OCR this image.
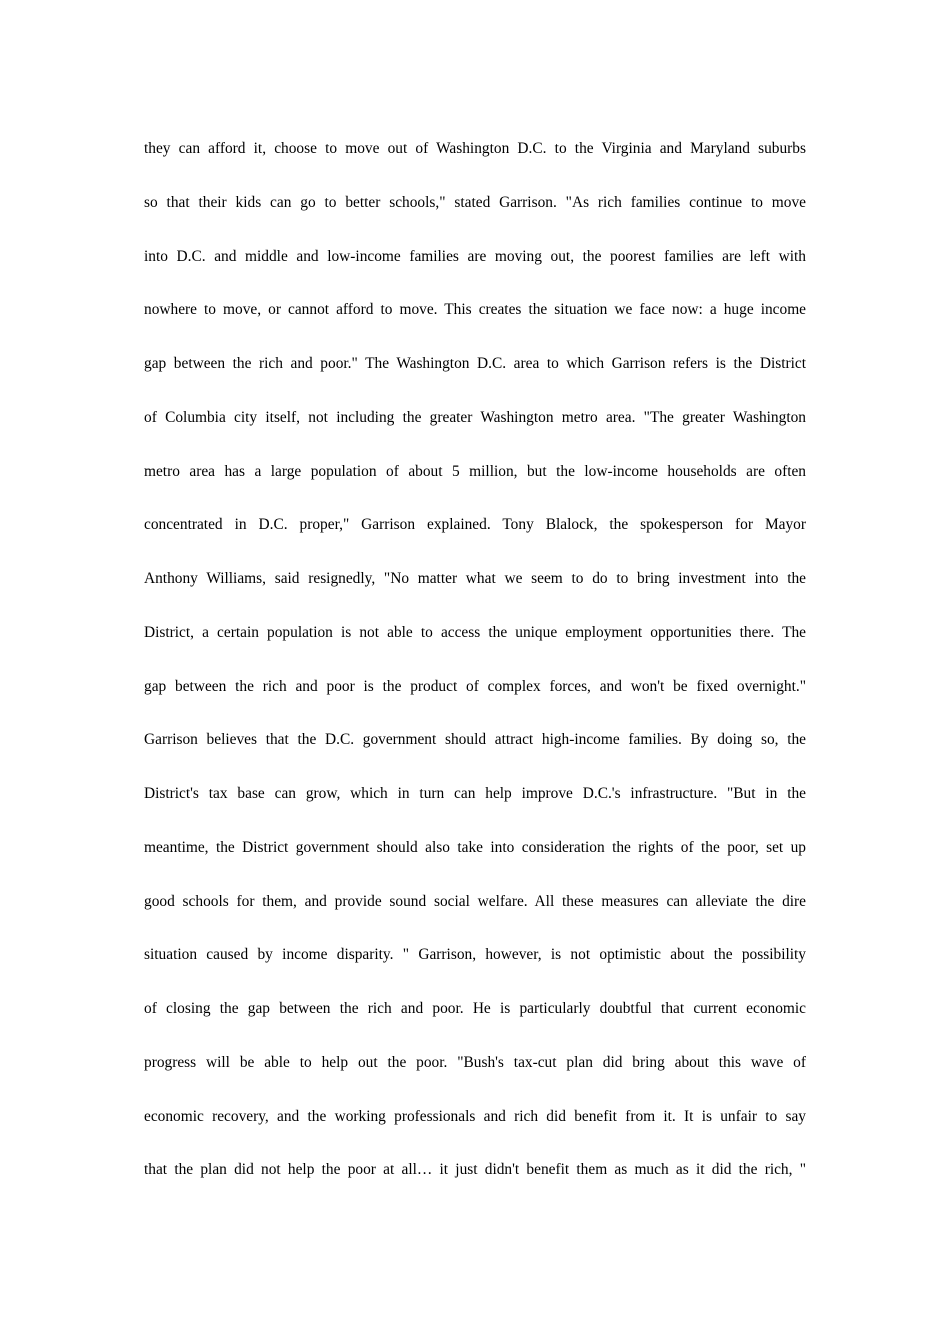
they can afford it, choose to move out of Washington D.C. to the Virginia and Maryland suburbs
so that their kids can go to better schools," stated Garrison. "As rich families continue to move
into D.C. and middle and low-income families are moving out, the poorest families are left with
nowhere to move, or cannot afford to move. This creates the situation we face now: a huge income
gap between the rich and poor." The Washington D.C. area to which Garrison refers is the District
of Columbia city itself, not including the greater Washington metro area. "The greater Washington
metro area has a large population of about 5 million, but the low-income households are often
concentrated in D.C. proper," Garrison explained. Tony Blalock, the spokesperson for Mayor
Anthony Williams, said resignedly, "No matter what we seem to do to bring investment into the
District, a certain population is not able to access the unique employment opportunities there. The
gap between the rich and poor is the product of complex forces, and won't be fixed overnight."
Garrison believes that the D.C. government should attract high-income families. By doing so, the
District's tax base can grow, which in turn can help improve D.C.'s infrastructure. "But in the
meantime, the District government should also take into consideration the rights of the poor, set up
good schools for them, and provide sound social welfare. All these measures can alleviate the dire
situation caused by income disparity. " Garrison, however, is not optimistic about the possibility
of closing the gap between the rich and poor. He is particularly doubtful that current economic
progress will be able to help out the poor. "Bush's tax-cut plan did bring about this wave of
economic recovery, and the working professionals and rich did benefit from it. It is unfair to say
that the plan did not help the poor at all… it just didn't benefit them as much as it did the rich, "
